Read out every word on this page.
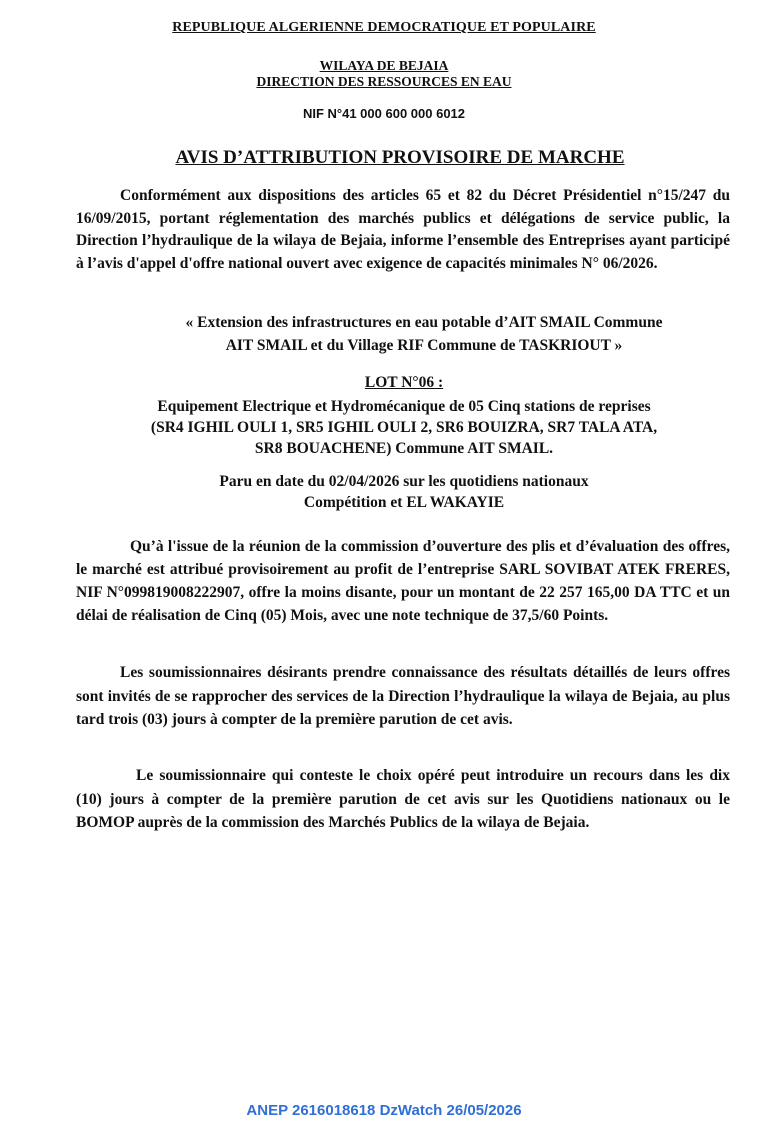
REPUBLIQUE ALGERIENNE DEMOCRATIQUE ET POPULAIRE
WILAYA DE BEJAIA
DIRECTION DES RESSOURCES EN EAU
NIF N°41 000 600 000 6012
AVIS D’ATTRIBUTION PROVISOIRE DE MARCHE
Conformément aux dispositions des articles 65 et 82 du Décret Présidentiel n°15/247 du 16/09/2015, portant réglementation des marchés publics et délégations de service public, la Direction l’hydraulique de la wilaya de Bejaia, informe l’ensemble des Entreprises ayant participé à l’avis d'appel d'offre national ouvert avec exigence de capacités minimales N° 06/2026.
« Extension des infrastructures en eau potable d’AIT SMAIL Commune
AIT SMAIL et du Village RIF Commune de TASKRIOUT »
LOT N°06 :
Equipement Electrique et Hydromécanique de 05 Cinq stations de reprises
(SR4 IGHIL OULI 1, SR5 IGHIL OULI 2, SR6 BOUIZRA, SR7 TALA ATA,
SR8 BOUACHENE) Commune AIT SMAIL.
Paru en date du 02/04/2026 sur les quotidiens nationaux
Compétition et EL WAKAYIE
Qu’à l'issue de la réunion de la commission d’ouverture des plis et d’évaluation des offres, le marché est attribué provisoirement au profit de l’entreprise SARL SOVIBAT ATEK FRERES, NIF N°099819008222907, offre la moins disante, pour un montant de 22 257 165,00 DA TTC et un délai de réalisation de Cinq (05) Mois, avec une note technique de 37,5/60 Points.
Les soumissionnaires désirants prendre connaissance des résultats détaillés de leurs offres sont invités de se rapprocher des services de la Direction l’hydraulique la wilaya de Bejaia, au plus tard trois (03) jours à compter de la première parution de cet avis.
Le soumissionnaire qui conteste le choix opéré peut introduire un recours dans les dix (10) jours à compter de la première parution de cet avis sur les Quotidiens nationaux ou le BOMOP auprès de la commission des Marchés Publics de la wilaya de Bejaia.
ANEP 2616018618 DzWatch 26/05/2026
